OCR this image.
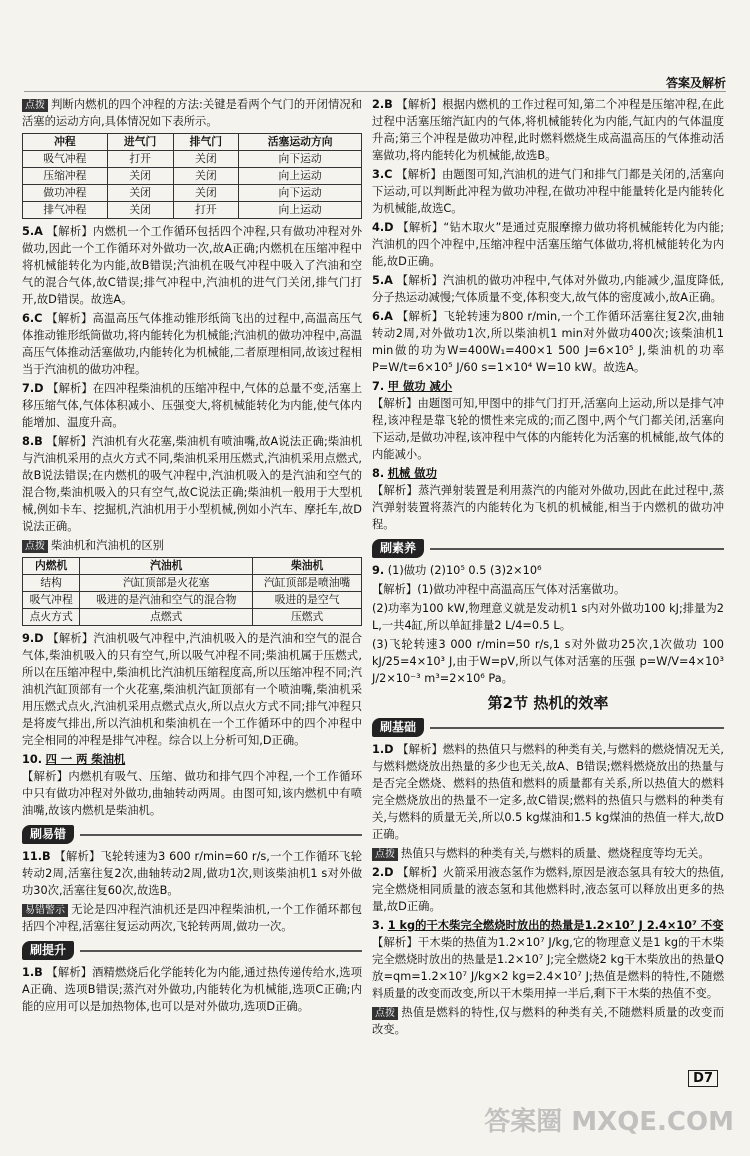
答案及解析

点拨 判断内燃机的四个冲程的方法:关键是看两个气门的开闭情况和活塞的运动方向,具体情况如下表所示。

冲程	进气门	排气门	活塞运动方向
吸气冲程	打开	关闭	向下运动
压缩冲程	关闭	关闭	向上运动
做功冲程	关闭	关闭	向下运动
排气冲程	关闭	打开	向上运动

5.A 【解析】内燃机一个工作循环包括四个冲程,只有做功冲程对外做功,因此一个工作循环对外做功一次,故A正确;内燃机在压缩冲程中将机械能转化为内能,故B错误;汽油机在吸气冲程中吸入了汽油和空气的混合气体,故C错误;排气冲程中,汽油机的进气门关闭,排气门打开,故D错误。故选A。

6.C 【解析】高温高压气体推动锥形纸筒飞出的过程中,高温高压气体推动锥形纸筒做功,将内能转化为机械能;汽油机的做功冲程中,高温高压气体推动活塞做功,内能转化为机械能,二者原理相同,故该过程相当于汽油机的做功冲程。

7.D 【解析】在四冲程柴油机的压缩冲程中,气体的总量不变,活塞上移压缩气体,气体体积减小、压强变大,将机械能转化为内能,使气体内能增加、温度升高。

8.B 【解析】汽油机有火花塞,柴油机有喷油嘴,故A说法正确;柴油机与汽油机采用的点火方式不同,柴油机采用压燃式,汽油机采用点燃式,故B说法错误;在内燃机的吸气冲程中,汽油机吸入的是汽油和空气的混合物,柴油机吸入的只有空气,故C说法正确;柴油机一般用于大型机械,例如卡车、挖掘机,汽油机用于小型机械,例如小汽车、摩托车,故D说法正确。

点拨 柴油机和汽油机的区别

内燃机	汽油机	柴油机
结构	汽缸顶部是火花塞	汽缸顶部是喷油嘴
吸气冲程	吸进的是汽油和空气的混合物	吸进的是空气
点火方式	点燃式	压燃式

9.D 【解析】汽油机吸气冲程中,汽油机吸入的是汽油和空气的混合气体,柴油机吸入的只有空气,所以吸气冲程不同;柴油机属于压燃式,所以在压缩冲程中,柴油机比汽油机压缩程度高,所以压缩冲程不同;汽油机汽缸顶部有一个火花塞,柴油机汽缸顶部有一个喷油嘴,柴油机采用压燃式点火,汽油机采用点燃式点火,所以点火方式不同;排气冲程只是将废气排出,所以汽油机和柴油机在一个工作循环中的四个冲程中完全相同的冲程是排气冲程。综合以上分析可知,D正确。

10. 四 一 两 柴油机
【解析】内燃机有吸气、压缩、做功和排气四个冲程,一个工作循环中只有做功冲程对外做功,曲轴转动两周。由图可知,该内燃机中有喷油嘴,故该内燃机是柴油机。

刷易错

11.B 【解析】飞轮转速为3 600 r/min=60 r/s,一个工作循环飞轮转动2周,活塞往复2次,曲轴转动2周,做功1次,则该柴油机1 s对外做功30次,活塞往复60次,故选B。

易错警示 无论是四冲程汽油机还是四冲程柴油机,一个工作循环都包括四个冲程,活塞往复运动两次,飞轮转两周,做功一次。

刷提升

1.B 【解析】酒精燃烧后化学能转化为内能,通过热传递传给水,选项A正确、选项B错误;蒸汽对外做功,内能转化为机械能,选项C正确;内能的应用可以是加热物体,也可以是对外做功,选项D正确。

2.B 【解析】根据内燃机的工作过程可知,第二个冲程是压缩冲程,在此过程中活塞压缩汽缸内的气体,将机械能转化为内能,气缸内的气体温度升高;第三个冲程是做功冲程,此时燃料燃烧生成高温高压的气体推动活塞做功,将内能转化为机械能,故选B。

3.C 【解析】由题图可知,汽油机的进气门和排气门都是关闭的,活塞向下运动,可以判断此冲程为做功冲程,在做功冲程中能量转化是内能转化为机械能,故选C。

4.D 【解析】“钻木取火”是通过克服摩擦力做功将机械能转化为内能;汽油机的四个冲程中,压缩冲程中活塞压缩气体做功,将机械能转化为内能,故D正确。

5.A 【解析】汽油机的做功冲程中,气体对外做功,内能减少,温度降低,分子热运动减慢;气体质量不变,体积变大,故气体的密度减小,故A正确。

6.A 【解析】飞轮转速为800 r/min,一个工作循环活塞往复2次,曲轴转动2周,对外做功1次,所以柴油机1 min对外做功400次;该柴油机1 min做的功为W=400W₁=400×1 500 J=6×10⁵ J,柴油机的功率P=W/t=6×10⁵ J/60 s=1×10⁴ W=10 kW。故选A。

7. 甲 做功 减小
【解析】由题图可知,甲图中的排气门打开,活塞向上运动,所以是排气冲程,该冲程是靠飞轮的惯性来完成的;而乙图中,两个气门都关闭,活塞向下运动,是做功冲程,该冲程中气体的内能转化为活塞的机械能,故气体的内能减小。

8. 机械 做功
【解析】蒸汽弹射装置是利用蒸汽的内能对外做功,因此在此过程中,蒸汽弹射装置将蒸汽的内能转化为飞机的机械能,相当于内燃机的做功冲程。

刷素养

9. (1)做功 (2)10⁵ 0.5 (3)2×10⁶

【解析】(1)做功冲程中高温高压气体对活塞做功。

(2)功率为100 kW,物理意义就是发动机1 s内对外做功100 kJ;排量为2 L,一共4缸,所以单缸排量2 L/4=0.5 L。

(3)飞轮转速3 000 r/min=50 r/s,1 s对外做功25次,1次做功 100 kJ/25=4×10³ J,由于W=pV,所以气体对活塞的压强 p=W/V=4×10³ J/2×10⁻³ m³=2×10⁶ Pa。

第2节 热机的效率
刷基础

1.D 【解析】燃料的热值只与燃料的种类有关,与燃料的燃烧情况无关,与燃料燃烧放出热量的多少也无关,故A、B错误;燃料燃烧放出的热量与是否完全燃烧、燃料的热值和燃料的质量都有关系,所以热值大的燃料完全燃烧放出的热量不一定多,故C错误;燃料的热值只与燃料的种类有关,与燃料的质量无关,所以0.5 kg煤油和1.5 kg煤油的热值一样大,故D正确。

点拨 热值只与燃料的种类有关,与燃料的质量、燃烧程度等均无关。

2.D 【解析】火箭采用液态氢作为燃料,原因是液态氢具有较大的热值,完全燃烧相同质量的液态氢和其他燃料时,液态氢可以释放出更多的热量,故D正确。

3. 1 kg的干木柴完全燃烧时放出的热量是1.2×10⁷ J 2.4×10⁷ 不变
【解析】干木柴的热值为1.2×10⁷ J/kg,它的物理意义是1 kg的干木柴完全燃烧时放出的热量是1.2×10⁷ J;完全燃烧2 kg干木柴放出的热量Q放=qm=1.2×10⁷ J/kg×2 kg=2.4×10⁷ J;热值是燃料的特性,不随燃料质量的改变而改变,所以干木柴用掉一半后,剩下干木柴的热值不变。

点拨 热值是燃料的特性,仅与燃料的种类有关,不随燃料质量的改变而改变。

D7
答案圈 MXQE.COM
